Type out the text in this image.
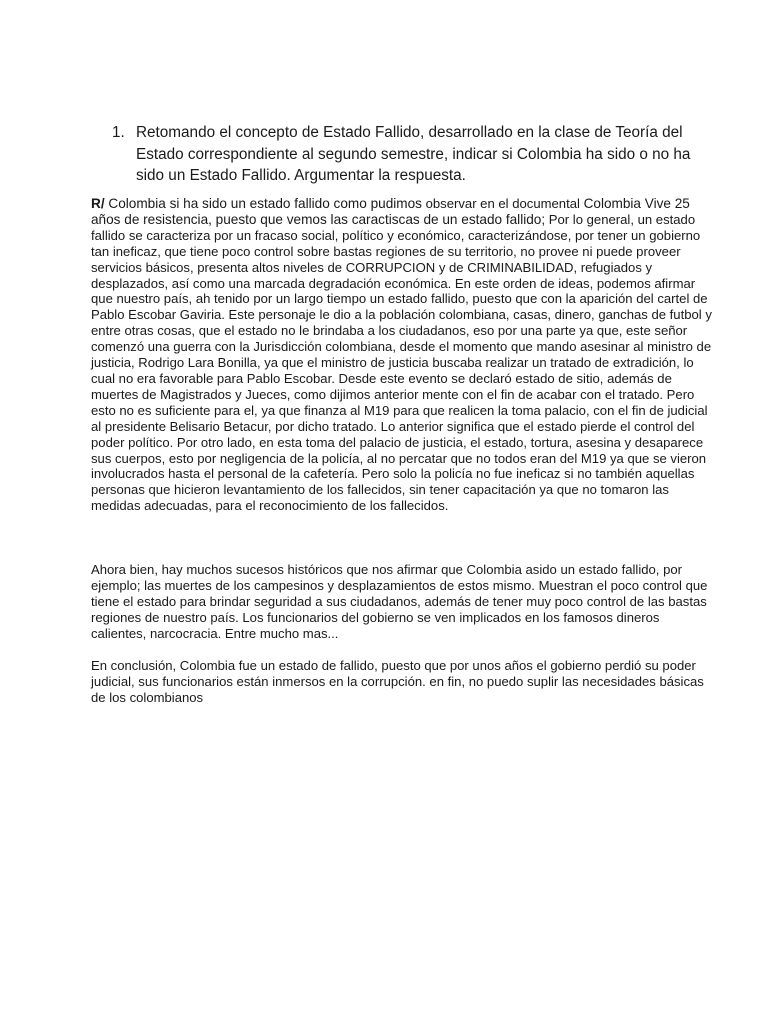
1. Retomando el concepto de Estado Fallido, desarrollado en la clase de Teoría del Estado correspondiente al segundo semestre, indicar si Colombia ha sido o no ha sido un Estado Fallido. Argumentar la respuesta.

R/ Colombia si ha sido un estado fallido como pudimos observar en el documental Colombia Vive 25 años de resistencia, puesto que vemos las caractiscas de un estado fallido; Por lo general, un estado fallido se caracteriza por un fracaso social, político y económico, caracterizándose, por tener un gobierno tan ineficaz, que tiene poco control sobre bastas regiones de su territorio, no provee ni puede proveer servicios básicos, presenta altos niveles de CORRUPCION y de CRIMINABILIDAD, refugiados y desplazados, así como una marcada degradación económica. En este orden de ideas, podemos afirmar que nuestro país, ah tenido por un largo tiempo un estado fallido, puesto que con la aparición del cartel de Pablo Escobar Gaviria. Este personaje le dio a la población colombiana, casas, dinero, ganchas de futbol y entre otras cosas, que el estado no le brindaba a los ciudadanos, eso por una parte ya que, este señor comenzó una guerra con la Jurisdicción colombiana, desde el momento que mando asesinar al ministro de justicia, Rodrigo Lara Bonilla, ya que el ministro de justicia buscaba realizar un tratado de extradición, lo cual no era favorable para Pablo Escobar. Desde este evento se declaró estado de sitio, además de muertes de Magistrados y Jueces, como dijimos anterior mente con el fin de acabar con el tratado. Pero esto no es suficiente para el, ya que finanza al M19 para que realicen la toma palacio, con el fin de judicial al presidente Belisario Betacur, por dicho tratado. Lo anterior significa que el estado pierde el control del poder político. Por otro lado, en esta toma del palacio de justicia, el estado, tortura, asesina y desaparece sus cuerpos, esto por negligencia de la policía, al no percatar que no todos eran del M19 ya que se vieron involucrados hasta el personal de la cafetería. Pero solo la policía no fue ineficaz si no también aquellas personas que hicieron levantamiento de los fallecidos, sin tener capacitación ya que no tomaron las medidas adecuadas, para el reconocimiento de los fallecidos.

Ahora bien, hay muchos sucesos históricos que nos afirmar que Colombia asido un estado fallido, por ejemplo; las muertes de los campesinos y desplazamientos de estos mismo. Muestran el poco control que tiene el estado para brindar seguridad a sus ciudadanos, además de tener muy poco control de las bastas regiones de nuestro país. Los funcionarios del gobierno se ven implicados en los famosos dineros calientes, narcocracia. Entre mucho mas...

En conclusión, Colombia fue un estado de fallido, puesto que por unos años el gobierno perdió su poder judicial, sus funcionarios están inmersos en la corrupción. en fin, no puedo suplir las necesidades básicas de los colombianos
